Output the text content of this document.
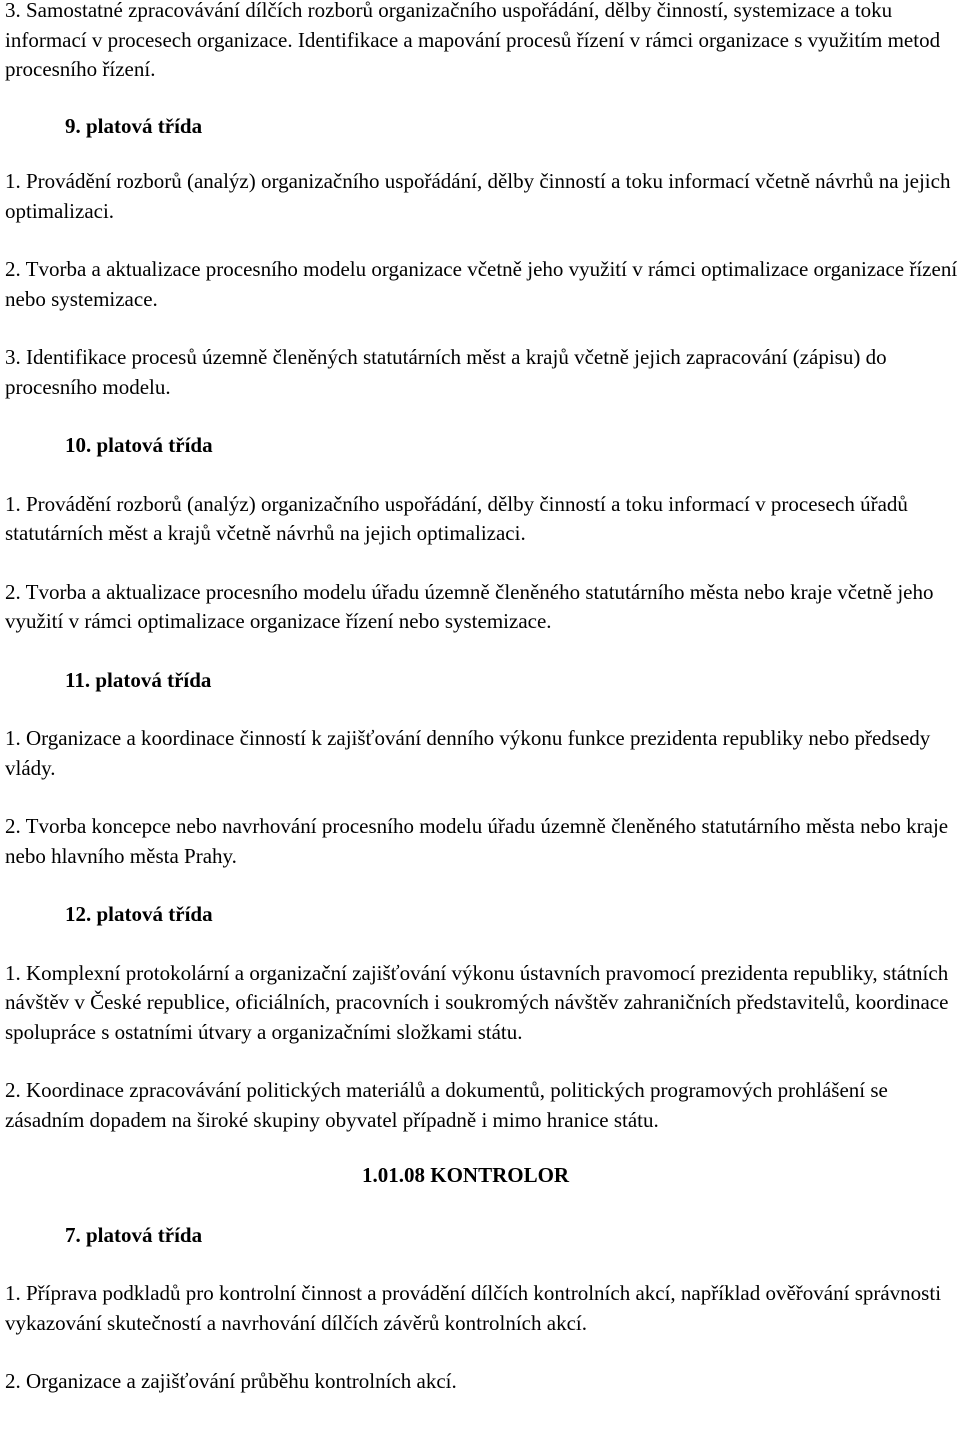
3. Samostatné zpracovávání dílčích rozborů organizačního uspořádání, dělby činností, systemizace a toku informací v procesech organizace. Identifikace a mapování procesů řízení v rámci organizace s využitím metod procesního řízení.

9. platová třída

1. Provádění rozborů (analýz) organizačního uspořádání, dělby činností a toku informací včetně návrhů na jejich optimalizaci.

2. Tvorba a aktualizace procesního modelu organizace včetně jeho využití v rámci optimalizace organizace řízení nebo systemizace.

3. Identifikace procesů územně členěných statutárních měst a krajů včetně jejich zapracování (zápisu) do procesního modelu.

10. platová třída

1. Provádění rozborů (analýz) organizačního uspořádání, dělby činností a toku informací v procesech úřadů statutárních měst a krajů včetně návrhů na jejich optimalizaci.

2. Tvorba a aktualizace procesního modelu úřadu územně členěného statutárního města nebo kraje včetně jeho využití v rámci optimalizace organizace řízení nebo systemizace.

11. platová třída

1. Organizace a koordinace činností k zajišťování denního výkonu funkce prezidenta republiky nebo předsedy vlády.

2. Tvorba koncepce nebo navrhování procesního modelu úřadu územně členěného statutárního města nebo kraje nebo hlavního města Prahy.

12. platová třída

1. Komplexní protokolární a organizační zajišťování výkonu ústavních pravomocí prezidenta republiky, státních návštěv v České republice, oficiálních, pracovních i soukromých návštěv zahraničních představitelů, koordinace spolupráce s ostatními útvary a organizačními složkami státu.

2. Koordinace zpracovávání politických materiálů a dokumentů, politických programových prohlášení se zásadním dopadem na široké skupiny obyvatel případně i mimo hranice státu.

1.01.08 KONTROLOR

7. platová třída

1. Příprava podkladů pro kontrolní činnost a provádění dílčích kontrolních akcí, například ověřování správnosti vykazování skutečností a navrhování dílčích závěrů kontrolních akcí.

2. Organizace a zajišťování průběhu kontrolních akcí.
